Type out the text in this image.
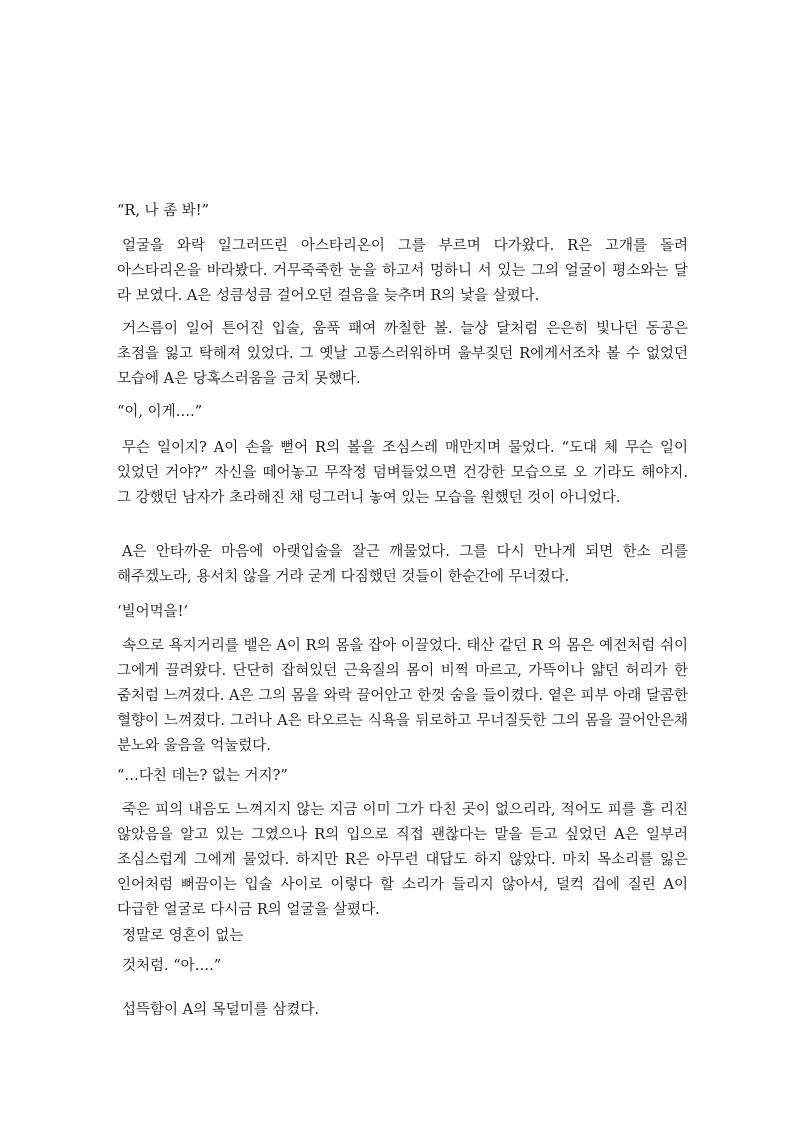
“R, 나 좀 봐!”

얼굴을 와락 일그러뜨린 아스타리온이 그를 부르며 다가왔다. R은 고개를 돌려 아스타리온을 바라봤다. 거무죽죽한 눈을 하고서 멍하니 서 있는 그의 얼굴이 평소와는 달 라 보였다. A은 성큼성큼 걸어오던 걸음을 늦추며 R의 낯을 살폈다.

거스름이 일어 튼어진 입술, 움푹 패여 까칠한 볼. 늘상 달처럼 은은히 빛나던 동공은 초점을 잃고 탁해져 있었다. 그 옛날 고통스러워하며 울부짖던 R에게서조차 볼 수 없었던 모습에 A은 당혹스러움을 금치 못했다.

“이, 이게….”

무슨 일이지? A이 손을 뻗어 R의 볼을 조심스레 매만지며 물었다. “도대 체 무슨 일이 있었던 거야?” 자신을 떼어놓고 무작정 덤벼들었으면 건강한 모습으로 오 기라도 해야지. 그 강했던 남자가 초라해진 채 덩그러니 놓여 있는 모습을 원했던 것이 아니었다.

A은 안타까운 마음에 아랫입술을 잘근 깨물었다. 그를 다시 만나게 되면 한소 리를 해주겠노라, 용서치 않을 거라 굳게 다짐했던 것들이 한순간에 무너졌다.

‘빌어먹을!’

속으로 욕지거리를 뱉은 A이 R의 몸을 잡아 이끌었다. 태산 같던 R 의 몸은 예전처럼 쉬이 그에게 끌려왔다. 단단히 잡혀있던 근육질의 몸이 비쩍 마르고, 가뜩이나 얇던 허리가 한 줌처럼 느껴졌다. A은 그의 몸을 와락 끌어안고 한껏 숨을 들이켰다. 옅은 피부 아래 달콤한 혈향이 느껴졌다. 그러나 A은 타오르는 식욕을 뒤로하고 무너질듯한 그의 몸을 끌어안은채 분노와 울음을 억눌렀다.

“…다친 데는? 없는 거지?”

죽은 피의 내음도 느껴지지 않는 지금 이미 그가 다친 곳이 없으리라, 적어도 피를 흘 리진 않았음을 알고 있는 그였으나 R의 입으로 직접 괜찮다는 말을 듣고 싶었던 A은 일부러 조심스럽게 그에게 물었다. 하지만 R은 아무런 대답도 하지 않았다. 마치 목소리를 잃은 인어처럼 뻐끔이는 입술 사이로 이렇다 할 소리가 들리지 않아서, 덜컥 겁에 질린 A이 다급한 얼굴로 다시금 R의 얼굴을 살폈다.

정말로 영혼이 없는

것처럼. “아….”

섭뜩함이 A의 목덜미를 삼켰다.
